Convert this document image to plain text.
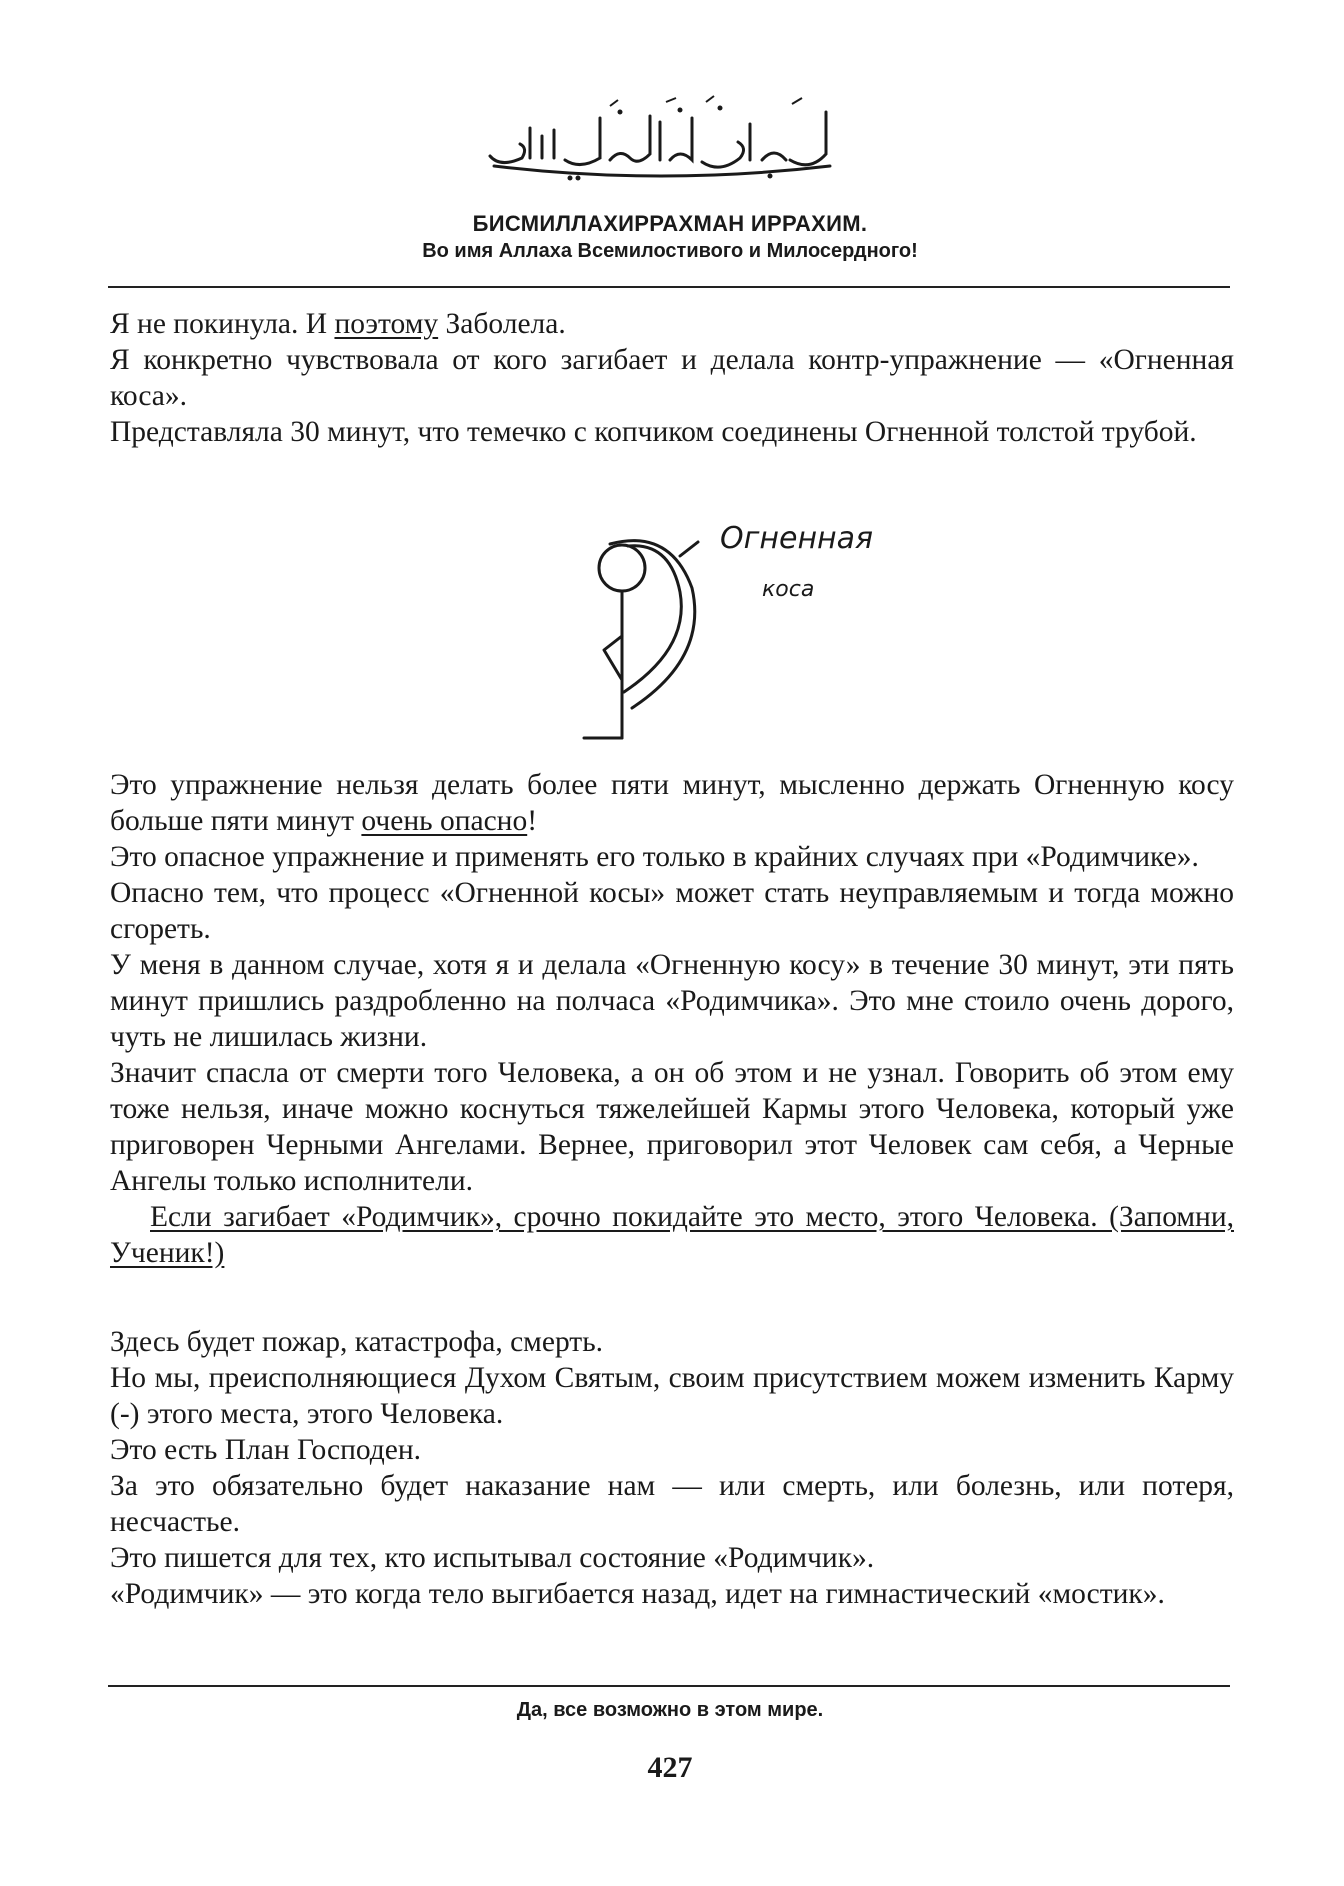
БИСМИЛЛАХИРРАХМАН ИРРАХИМ.
Во имя Аллаха Всемилостивого и Милосердного!

Я не покинула. И поэтому Заболела.

Я конкретно чувствовала от кого загибает и делала контр-упражнение — «Огненная коса».

Представляла 30 минут, что темечко с копчиком соединены Огненной толстой трубой.

Огненная
коса

Это упражнение нельзя делать более пяти минут, мысленно держать Огненную косу больше пяти минут очень опасно!

Это опасное упражнение и применять его только в крайних случаях при «Родимчике».

Опасно тем, что процесс «Огненной косы» может стать неуправляемым и тогда можно сгореть.

У меня в данном случае, хотя я и делала «Огненную косу» в течение 30 минут, эти пять минут пришлись раздробленно на полчаса «Родимчика». Это мне стоило очень дорого, чуть не лишилась жизни.

Значит спасла от смерти того Человека, а он об этом и не узнал. Говорить об этом ему тоже нельзя, иначе можно коснуться тяжелейшей Кармы этого Человека, который уже приговорен Черными Ангелами. Вернее, приговорил этот Человек сам себя, а Черные Ангелы только исполнители.

Если загибает «Родимчик», срочно покидайте это место, этого Человека. (Запомни, Ученик!)

Здесь будет пожар, катастрофа, смерть.

Но мы, преисполняющиеся Духом Святым, своим присутствием можем изменить Карму (-) этого места, этого Человека.

Это есть План Господен.

За это обязательно будет наказание нам — или смерть, или болезнь, или потеря, несчастье.

Это пишется для тех, кто испытывал состояние «Родимчик».

«Родимчик» — это когда тело выгибается назад, идет на гимнастический «мостик».

Да, все возможно в этом мире.
427
